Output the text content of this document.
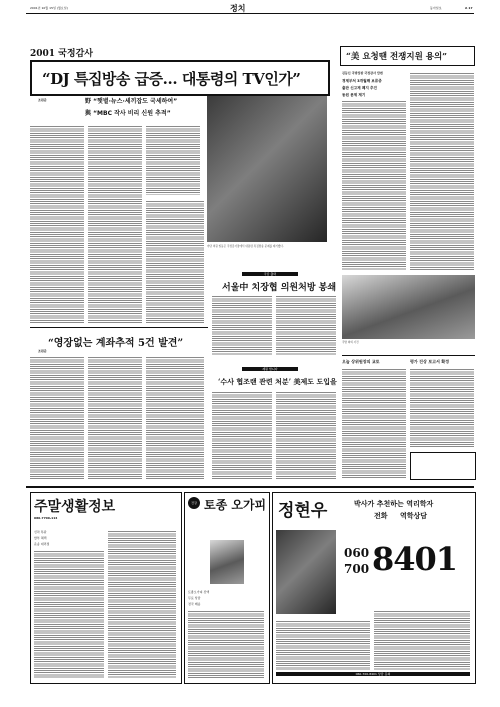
2001년 10월 15일 (월요일)	정치	동아일보	A 17
2001 국정감사
“DJ 특집방송 급증… 대통령의 TV인가”
조원준	野 “햇볕·뉴스·세끼잡도 국세하여”
與 “MBC 작사 비리 신원 추적”
야당 의원 일동은 국정감사장에서 대통령 특집방송 문제를 제기했다.
“영장없는 계좌추적 5건 발견”
조원준
국감 출력
서울中 치장협 의원처방 봉쇄
제원 합니다
‘수사 협조랜 관련 처분’ 美제도 도입을
“美 요청땐 전쟁지원 용의”
김동신 국방장관 국정감사 답변
경제부처 3개월째 보류중
출판 신고제 폐지 추진
동원 문제 제기
국방 회의 사진
오늘 상위원장의 교토	평가 진상 보고서 확정
주말생활정보
080-7700-114
신차 특판
할부 혜택
운송 대리점
건강 토종 오가피
토종오가피 진액
무료 상담
전국 배송
정현우	박사가 추천하는 역리학자
전화 역학상담
060
700 8401
060-700-8401 상담 문의
